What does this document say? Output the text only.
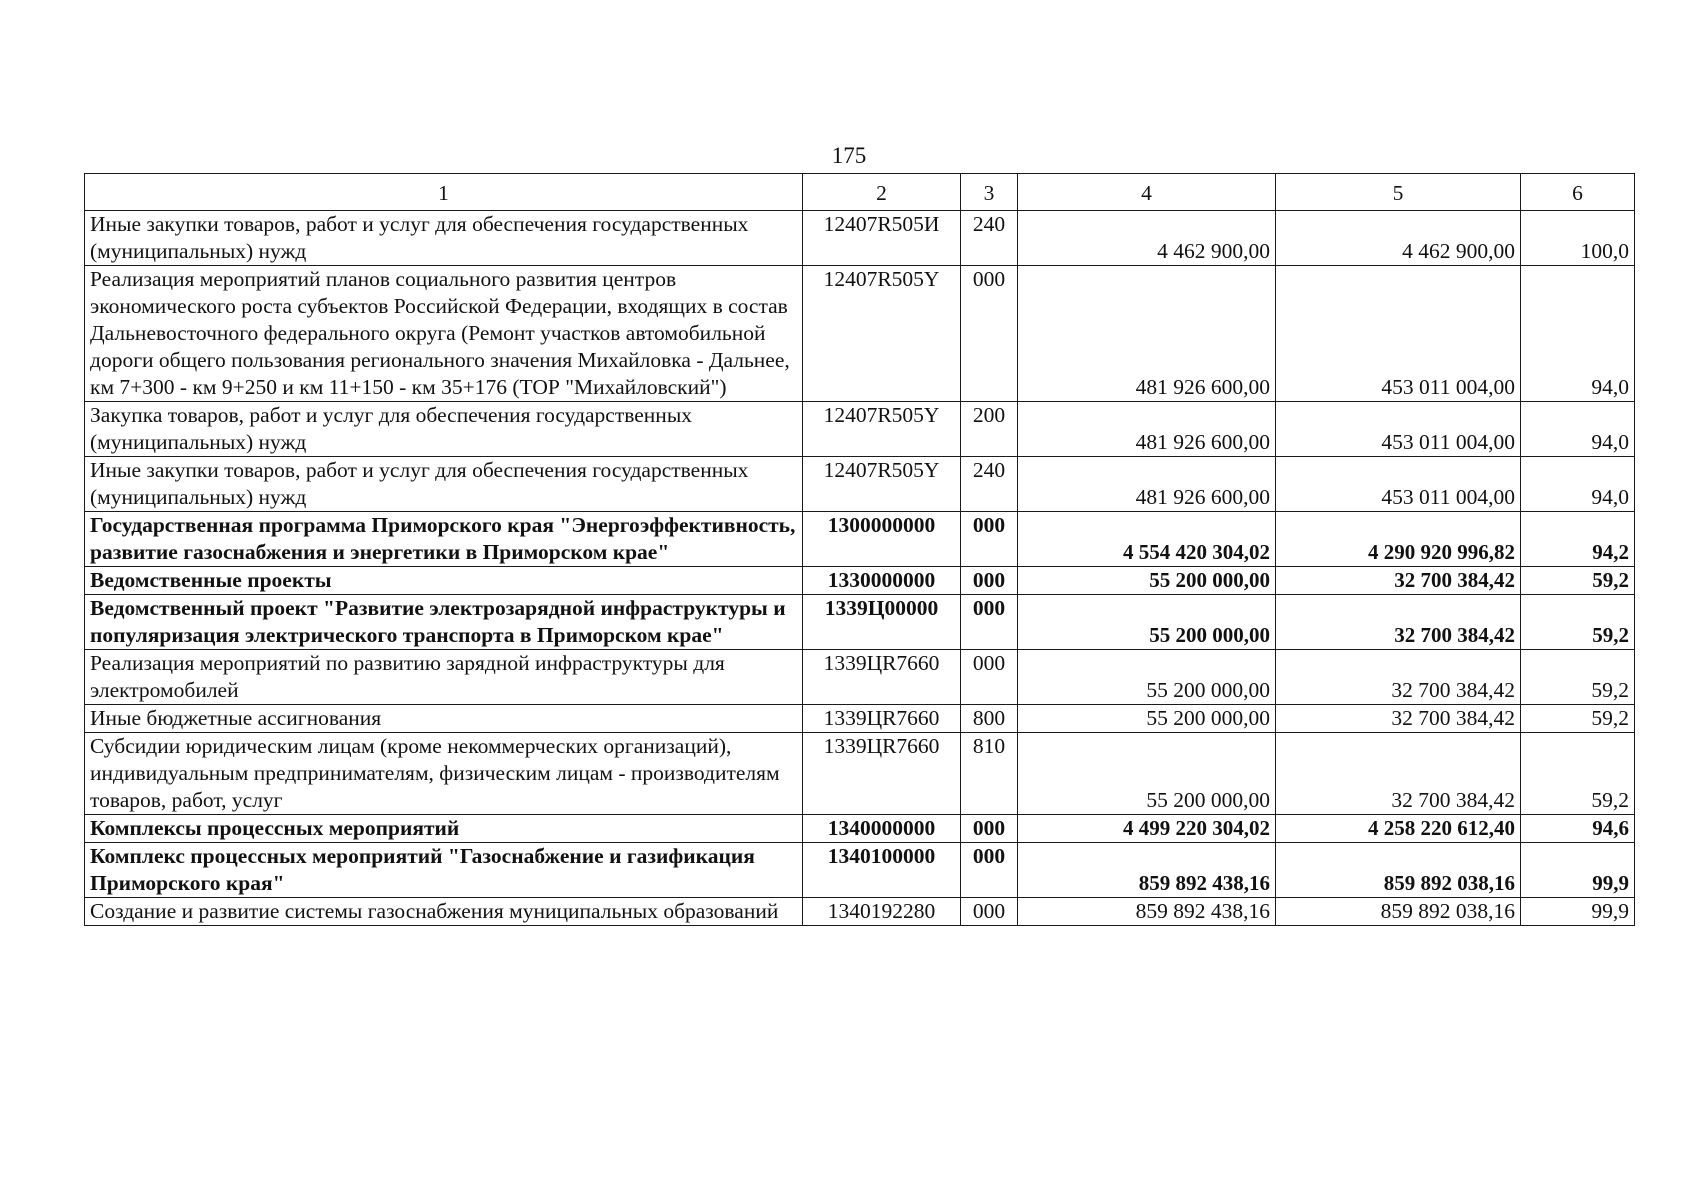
175
1	2	3	4	5	6
Иные закупки товаров, работ и услуг для обеспечения государственных (муниципальных) нужд	12407R505И	240	4 462 900,00	4 462 900,00	100,0
Реализация мероприятий планов социального развития центров экономического роста субъектов Российской Федерации, входящих в состав Дальневосточного федерального округа (Ремонт участков автомобильной дороги общего пользования регионального значения Михайловка - Дальнее, км 7+300 - км 9+250 и км 11+150 - км 35+176 (ТОР "Михайловский")	12407R505Y	000	481 926 600,00	453 011 004,00	94,0
Закупка товаров, работ и услуг для обеспечения государственных (муниципальных) нужд	12407R505Y	200	481 926 600,00	453 011 004,00	94,0
Иные закупки товаров, работ и услуг для обеспечения государственных (муниципальных) нужд	12407R505Y	240	481 926 600,00	453 011 004,00	94,0
Государственная программа Приморского края "Энергоэффективность, развитие газоснабжения и энергетики в Приморском крае"	1300000000	000	4 554 420 304,02	4 290 920 996,82	94,2
Ведомственные проекты	1330000000	000	55 200 000,00	32 700 384,42	59,2
Ведомственный проект "Развитие электрозарядной инфраструктуры и популяризация электрического транспорта в Приморском крае"	1339Ц00000	000	55 200 000,00	32 700 384,42	59,2
Реализация мероприятий по развитию зарядной инфраструктуры для электромобилей	1339ЦR7660	000	55 200 000,00	32 700 384,42	59,2
Иные бюджетные ассигнования	1339ЦR7660	800	55 200 000,00	32 700 384,42	59,2
Субсидии юридическим лицам (кроме некоммерческих организаций), индивидуальным предпринимателям, физическим лицам - производителям товаров, работ, услуг	1339ЦR7660	810	55 200 000,00	32 700 384,42	59,2
Комплексы процессных мероприятий	1340000000	000	4 499 220 304,02	4 258 220 612,40	94,6
Комплекс процессных мероприятий "Газоснабжение и газификация Приморского края"	1340100000	000	859 892 438,16	859 892 038,16	99,9
Создание и развитие системы газоснабжения муниципальных образований	1340192280	000	859 892 438,16	859 892 038,16	99,9
